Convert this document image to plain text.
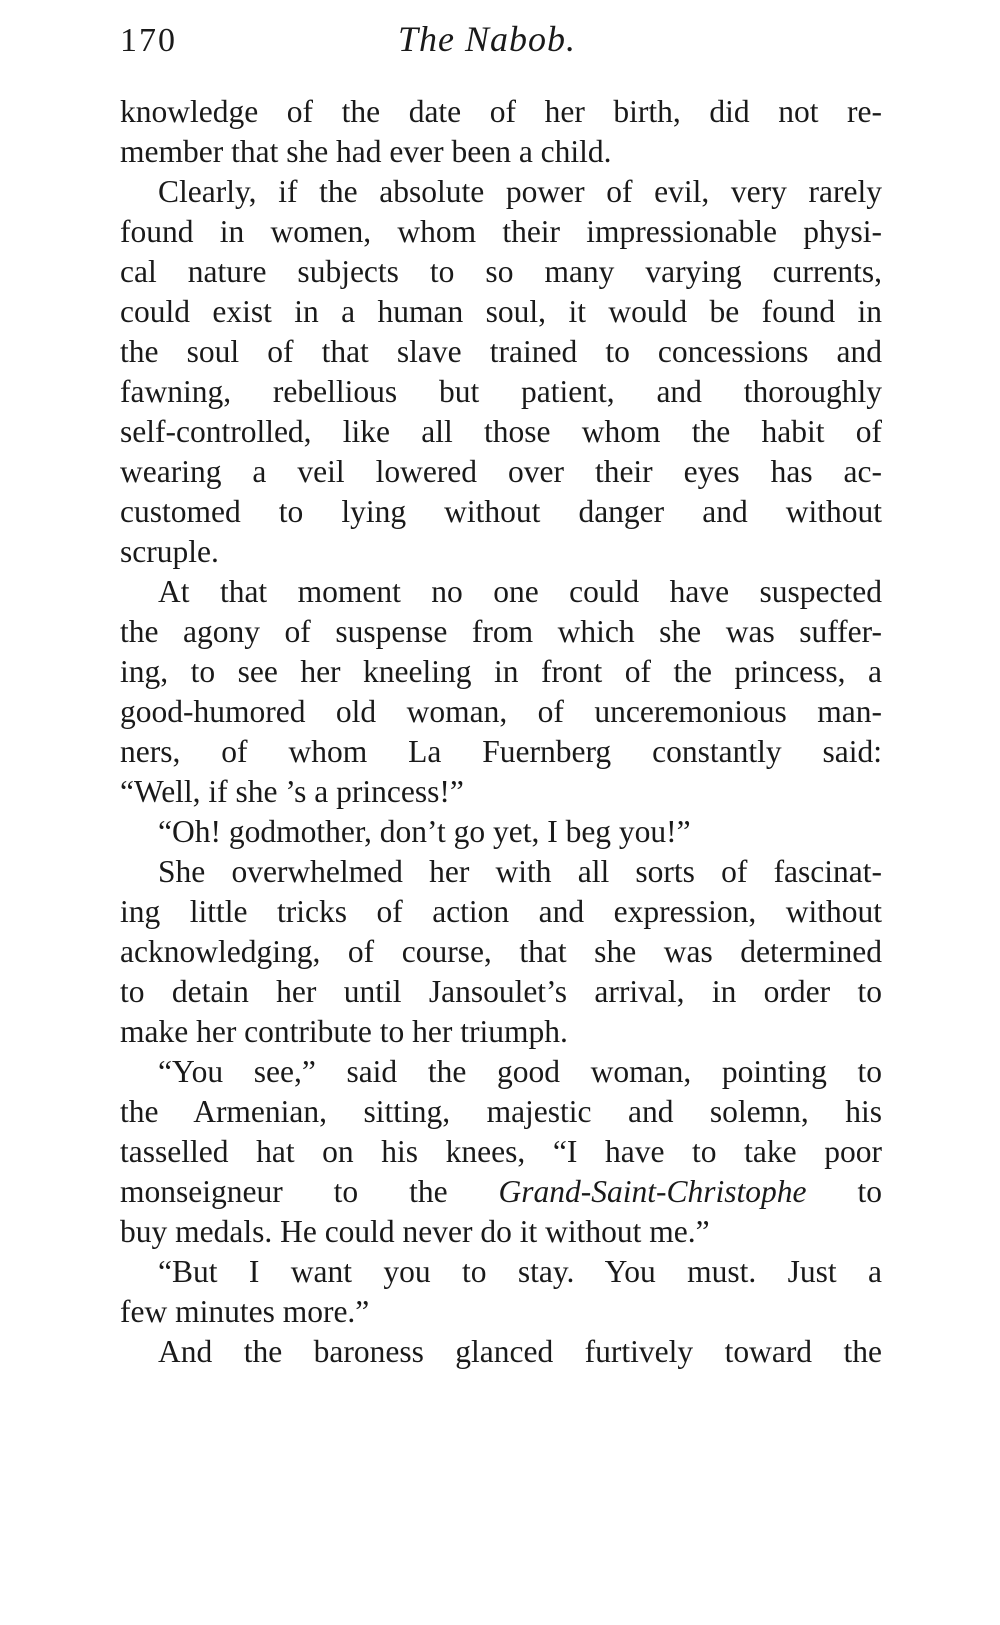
170	The Nabob.

knowledge of the date of her birth, did not re-
member that she had ever been a child.

Clearly, if the absolute power of evil, very rarely
found in women, whom their impressionable physi-
cal nature subjects to so many varying currents,
could exist in a human soul, it would be found in
the soul of that slave trained to concessions and
fawning, rebellious but patient, and thoroughly
self-controlled, like all those whom the habit of
wearing a veil lowered over their eyes has ac-
customed to lying without danger and without
scruple.

At that moment no one could have suspected
the agony of suspense from which she was suffer-
ing, to see her kneeling in front of the princess, a
good-humored old woman, of unceremonious man-
ners, of whom La Fuernberg constantly said:
“Well, if she ’s a princess!”

“Oh! godmother, don’t go yet, I beg you!”

She overwhelmed her with all sorts of fascinat-
ing little tricks of action and expression, without
acknowledging, of course, that she was determined
to detain her until Jansoulet’s arrival, in order to
make her contribute to her triumph.

“You see,” said the good woman, pointing to
the Armenian, sitting, majestic and solemn, his
tasselled hat on his knees, “I have to take poor
monseigneur to the Grand-Saint-Christophe to
buy medals. He could never do it without me.”

“But I want you to stay. You must. Just a
few minutes more.”

And the baroness glanced furtively toward the
